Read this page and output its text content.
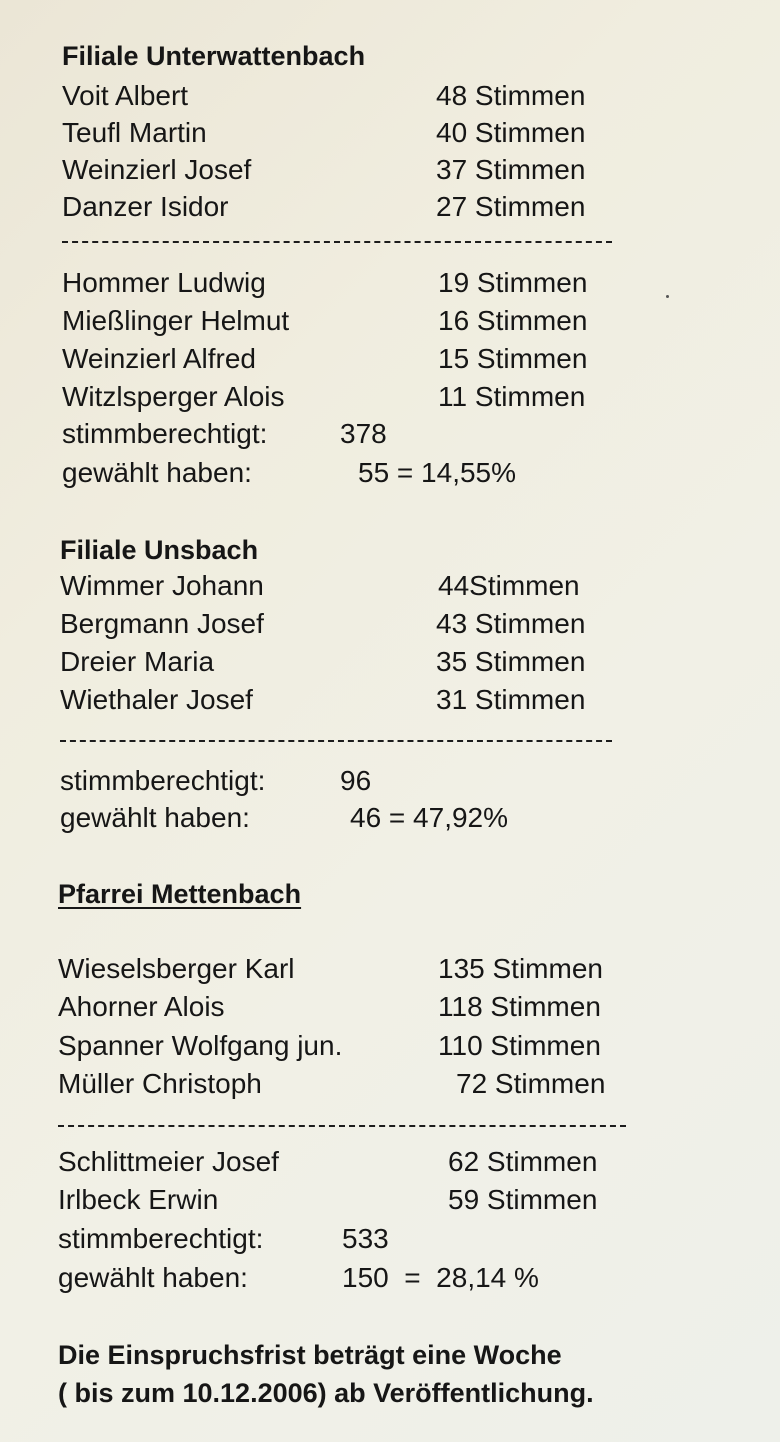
Filiale Unterwattenbach
Voit Albert	48 Stimmen
Teufl Martin	40 Stimmen
Weinzierl Josef	37 Stimmen
Danzer Isidor	27 Stimmen
Hommer Ludwig	19 Stimmen
Mießlinger Helmut	16 Stimmen
Weinzierl Alfred	15 Stimmen
Witzlsperger Alois	11 Stimmen
stimmberechtigt:	378
gewählt haben:	55 = 14,55%
Filiale Unsbach
Wimmer Johann	44Stimmen
Bergmann Josef	43 Stimmen
Dreier Maria	35 Stimmen
Wiethaler Josef	31 Stimmen
stimmberechtigt:	96
gewählt haben:	46 = 47,92%
Pfarrei Mettenbach
Wieselsberger Karl	135 Stimmen
Ahorner Alois	118 Stimmen
Spanner Wolfgang jun.	110 Stimmen
Müller Christoph	72 Stimmen
Schlittmeier Josef	62 Stimmen
Irlbeck Erwin	59 Stimmen
stimmberechtigt:	533
gewählt haben:	150  =  28,14 %
Die Einspruchsfrist beträgt eine Woche
( bis zum 10.12.2006) ab Veröffentlichung.
